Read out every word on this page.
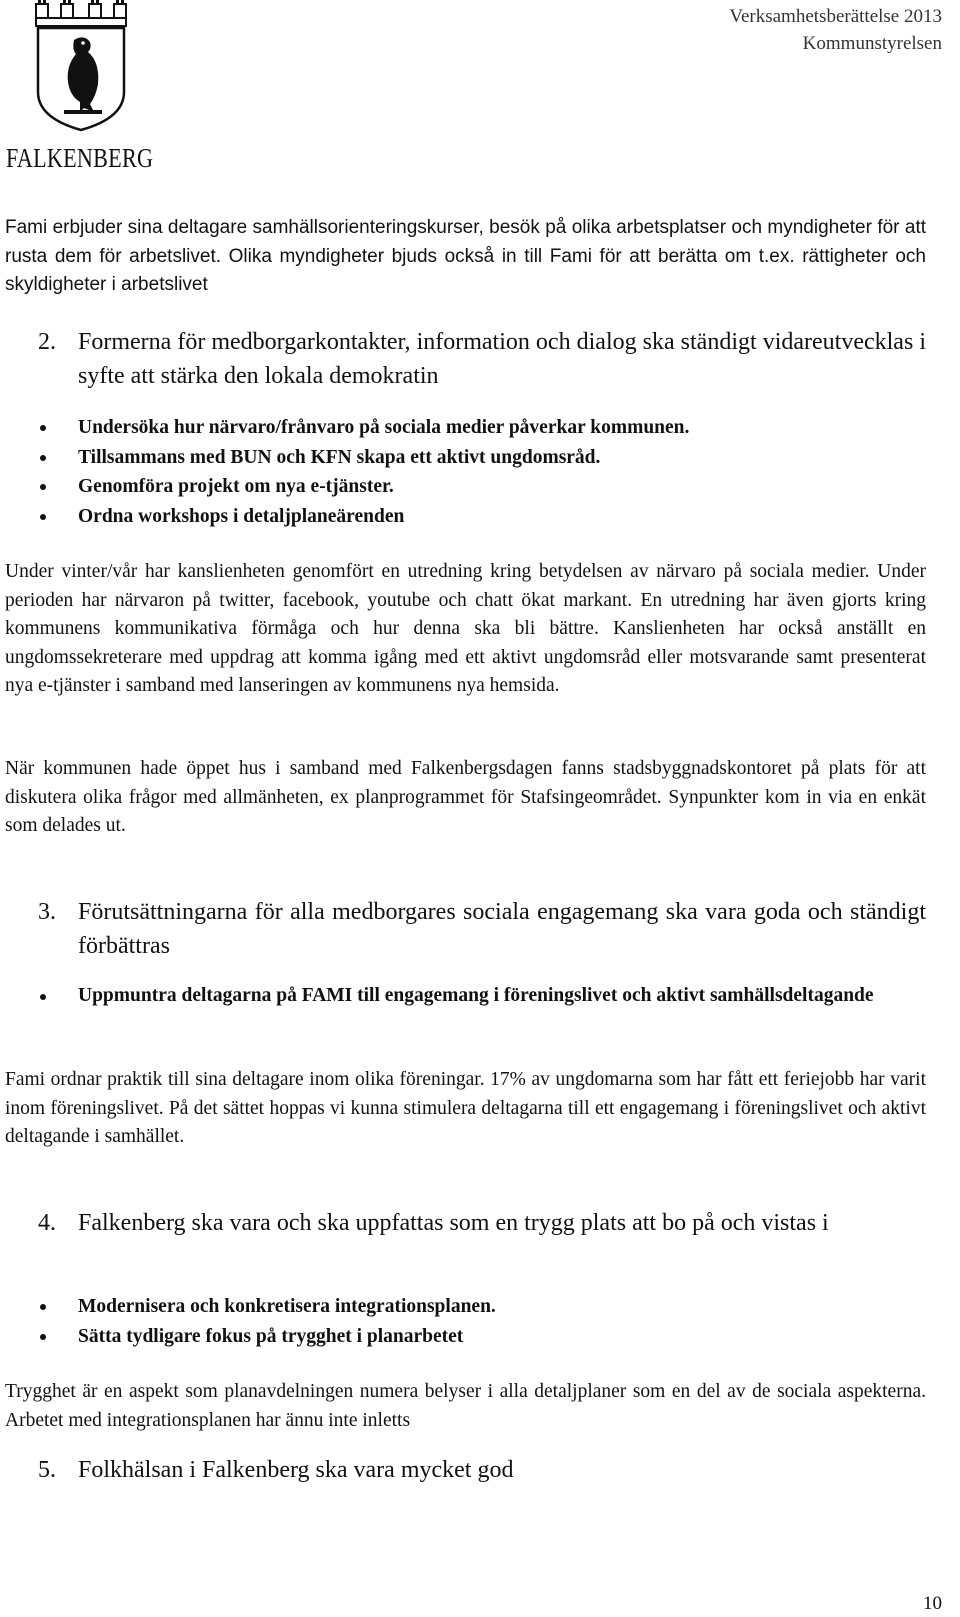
FALKENBERG
Verksamhetsberättelse 2013
Kommunstyrelsen

Fami erbjuder sina deltagare samhällsorienteringskurser, besök på olika arbetsplatser och myndigheter för att rusta dem för arbetslivet. Olika myndigheter bjuds också in till Fami för att berätta om t.ex. rättigheter och skyldigheter i arbetslivet

2. Formerna för medborgarkontakter, information och dialog ska ständigt vidareutvecklas i syfte att stärka den lokala demokratin
Undersöka hur närvaro/frånvaro på sociala medier påverkar kommunen.
Tillsammans med BUN och KFN skapa ett aktivt ungdomsråd.
Genomföra projekt om nya e-tjänster.
Ordna workshops i detaljplaneärenden

Under vinter/vår har kanslienheten genomfört en utredning kring betydelsen av närvaro på sociala medier. Under perioden har närvaron på twitter, facebook, youtube och chatt ökat markant. En utredning har även gjorts kring kommunens kommunikativa förmåga och hur denna ska bli bättre. Kanslienheten har också anställt en ungdomssekreterare med uppdrag att komma igång med ett aktivt ungdomsråd eller motsvarande samt presenterat nya e-tjänster i samband med lanseringen av kommunens nya hemsida.

När kommunen hade öppet hus i samband med Falkenbergsdagen fanns stadsbyggnadskontoret på plats för att diskutera olika frågor med allmänheten, ex planprogrammet för Stafsingeområdet. Synpunkter kom in via en enkät som delades ut.

3. Förutsättningarna för alla medborgares sociala engagemang ska vara goda och ständigt förbättras
Uppmuntra deltagarna på FAMI till engagemang i föreningslivet och aktivt samhällsdeltagande

Fami ordnar praktik till sina deltagare inom olika föreningar. 17% av ungdomarna som har fått ett feriejobb har varit inom föreningslivet. På det sättet hoppas vi kunna stimulera deltagarna till ett engagemang i föreningslivet och aktivt deltagande i samhället.

4. Falkenberg ska vara och ska uppfattas som en trygg plats att bo på och vistas i
Modernisera och konkretisera integrationsplanen.
Sätta tydligare fokus på trygghet i planarbetet

Trygghet är en aspekt som planavdelningen numera belyser i alla detaljplaner som en del av de sociala aspekterna. Arbetet med integrationsplanen har ännu inte inletts

5. Folkhälsan i Falkenberg ska vara mycket god
10
